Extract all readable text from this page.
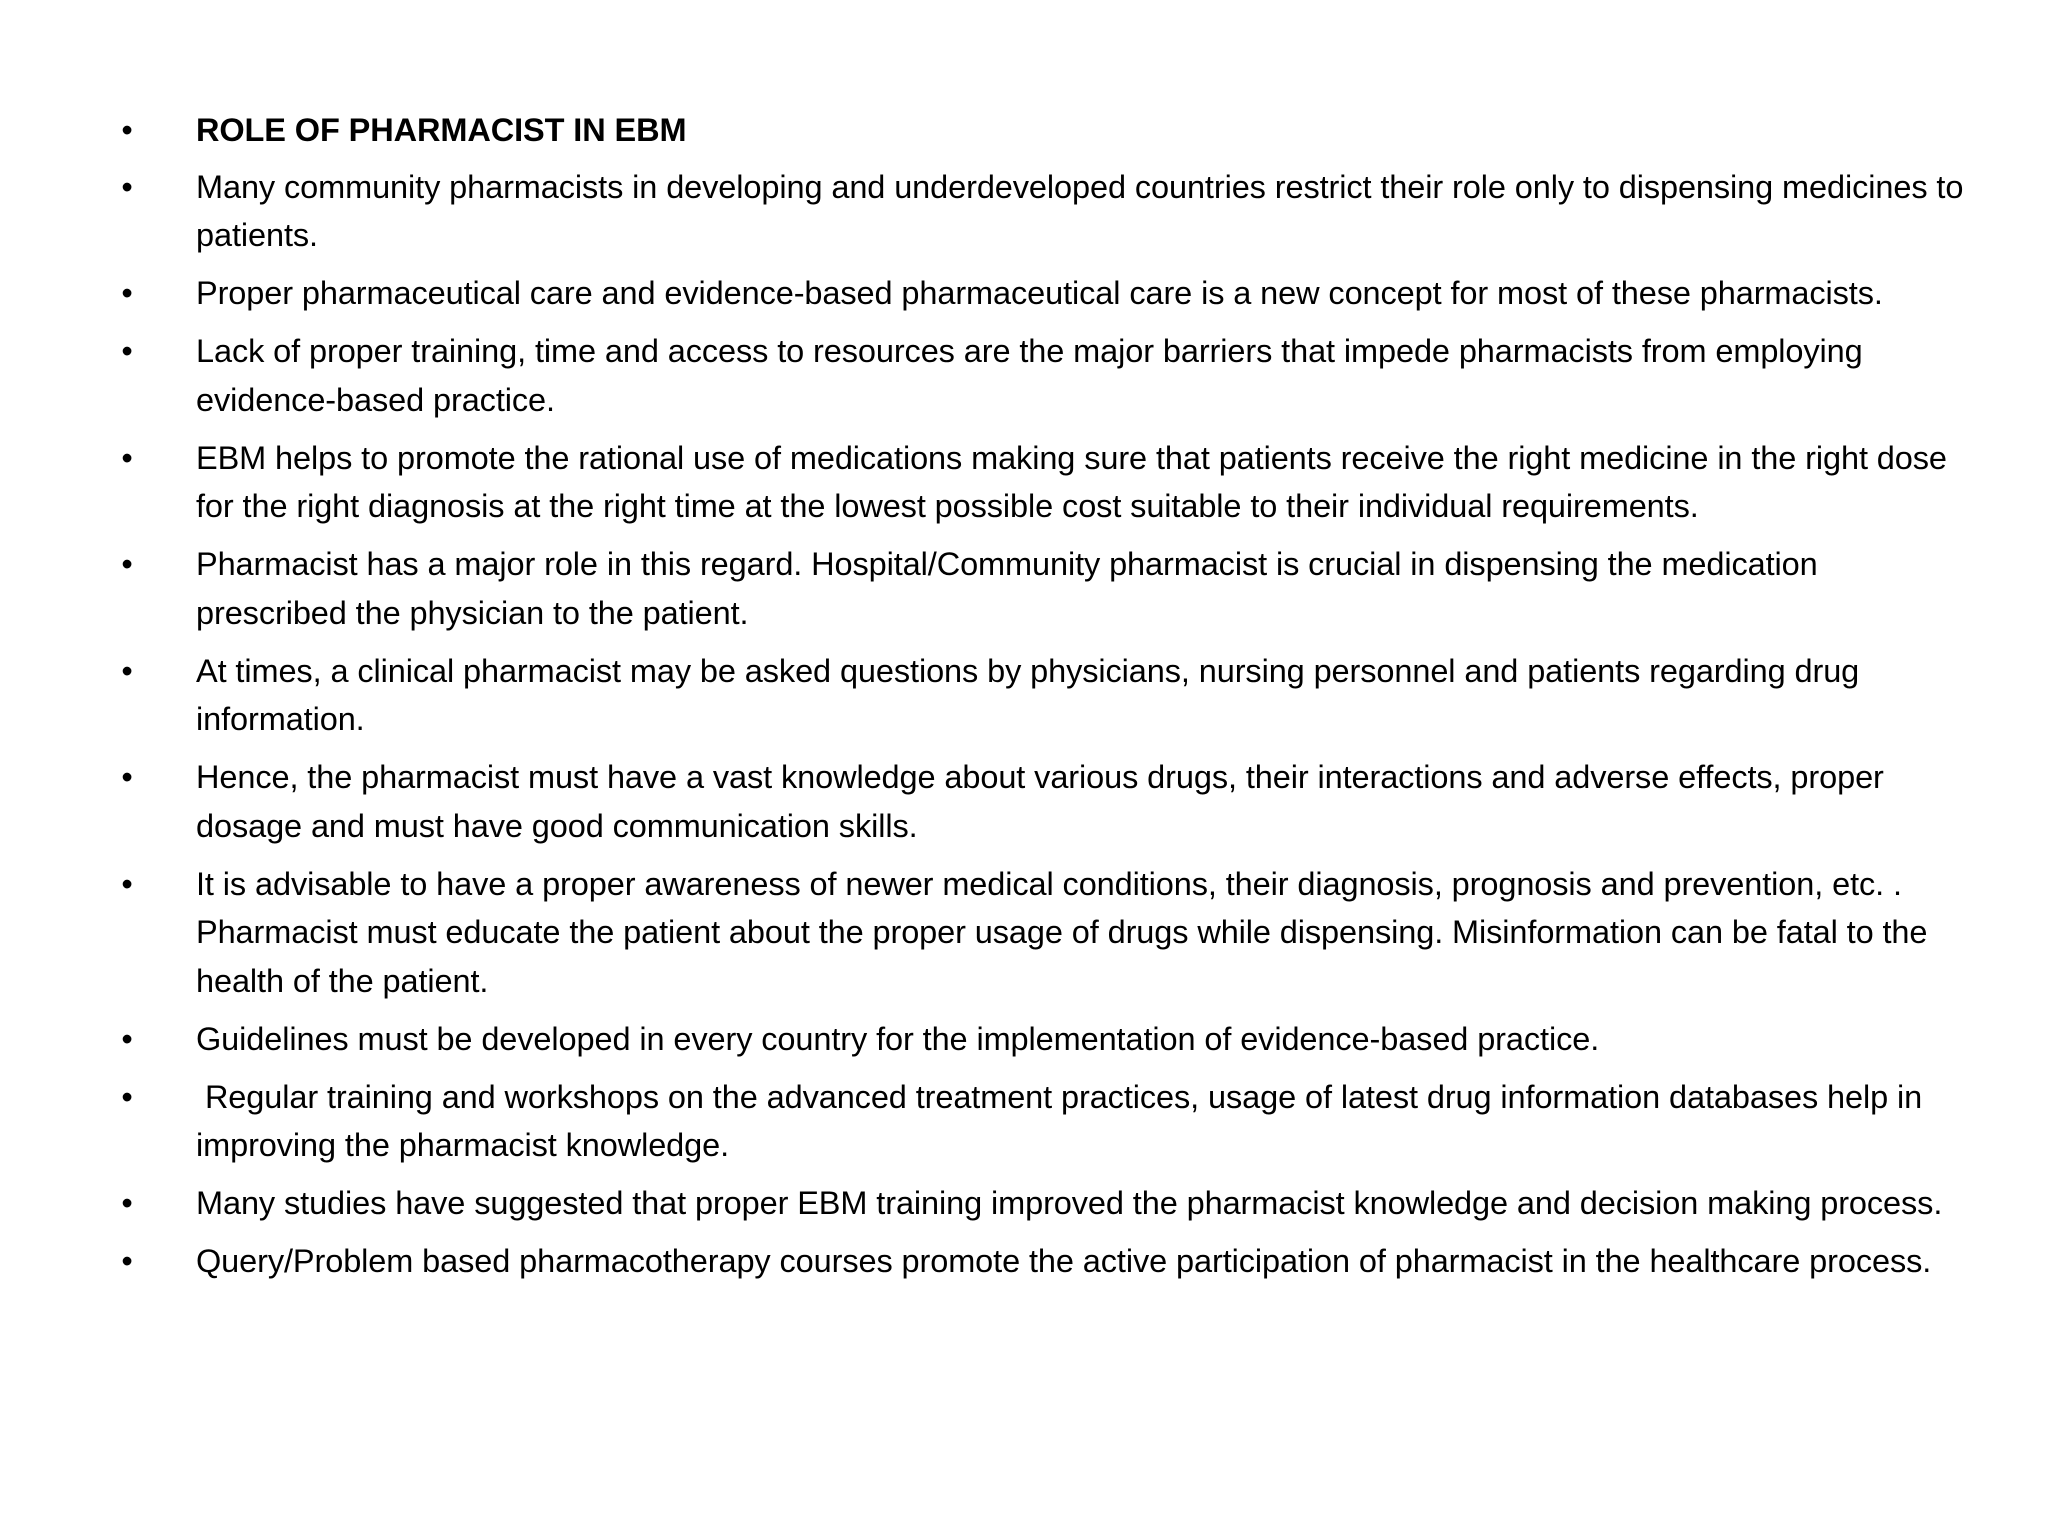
• ROLE OF PHARMACIST IN EBM
• Many community pharmacists in developing and underdeveloped countries restrict their role only to dispensing medicines to patients.
• Proper pharmaceutical care and evidence-based pharmaceutical care is a new concept for most of these pharmacists.
• Lack of proper training, time and access to resources are the major barriers that impede pharmacists from employing evidence-based practice.
• EBM helps to promote the rational use of medications making sure that patients receive the right medicine in the right dose for the right diagnosis at the right time at the lowest possible cost suitable to their individual requirements.
• Pharmacist has a major role in this regard. Hospital/Community pharmacist is crucial in dispensing the medication prescribed the physician to the patient.
• At times, a clinical pharmacist may be asked questions by physicians, nursing personnel and patients regarding drug information.
• Hence, the pharmacist must have a vast knowledge about various drugs, their interactions and adverse effects, proper dosage and must have good communication skills.
• It is advisable to have a proper awareness of newer medical conditions, their diagnosis, prognosis and prevention, etc. . Pharmacist must educate the patient about the proper usage of drugs while dispensing. Misinformation can be fatal to the health of the patient.
• Guidelines must be developed in every country for the implementation of evidence-based practice.
• Regular training and workshops on the advanced treatment practices, usage of latest drug information databases help in improving the pharmacist knowledge.
• Many studies have suggested that proper EBM training improved the pharmacist knowledge and decision making process.
• Query/Problem based pharmacotherapy courses promote the active participation of pharmacist in the healthcare process.
